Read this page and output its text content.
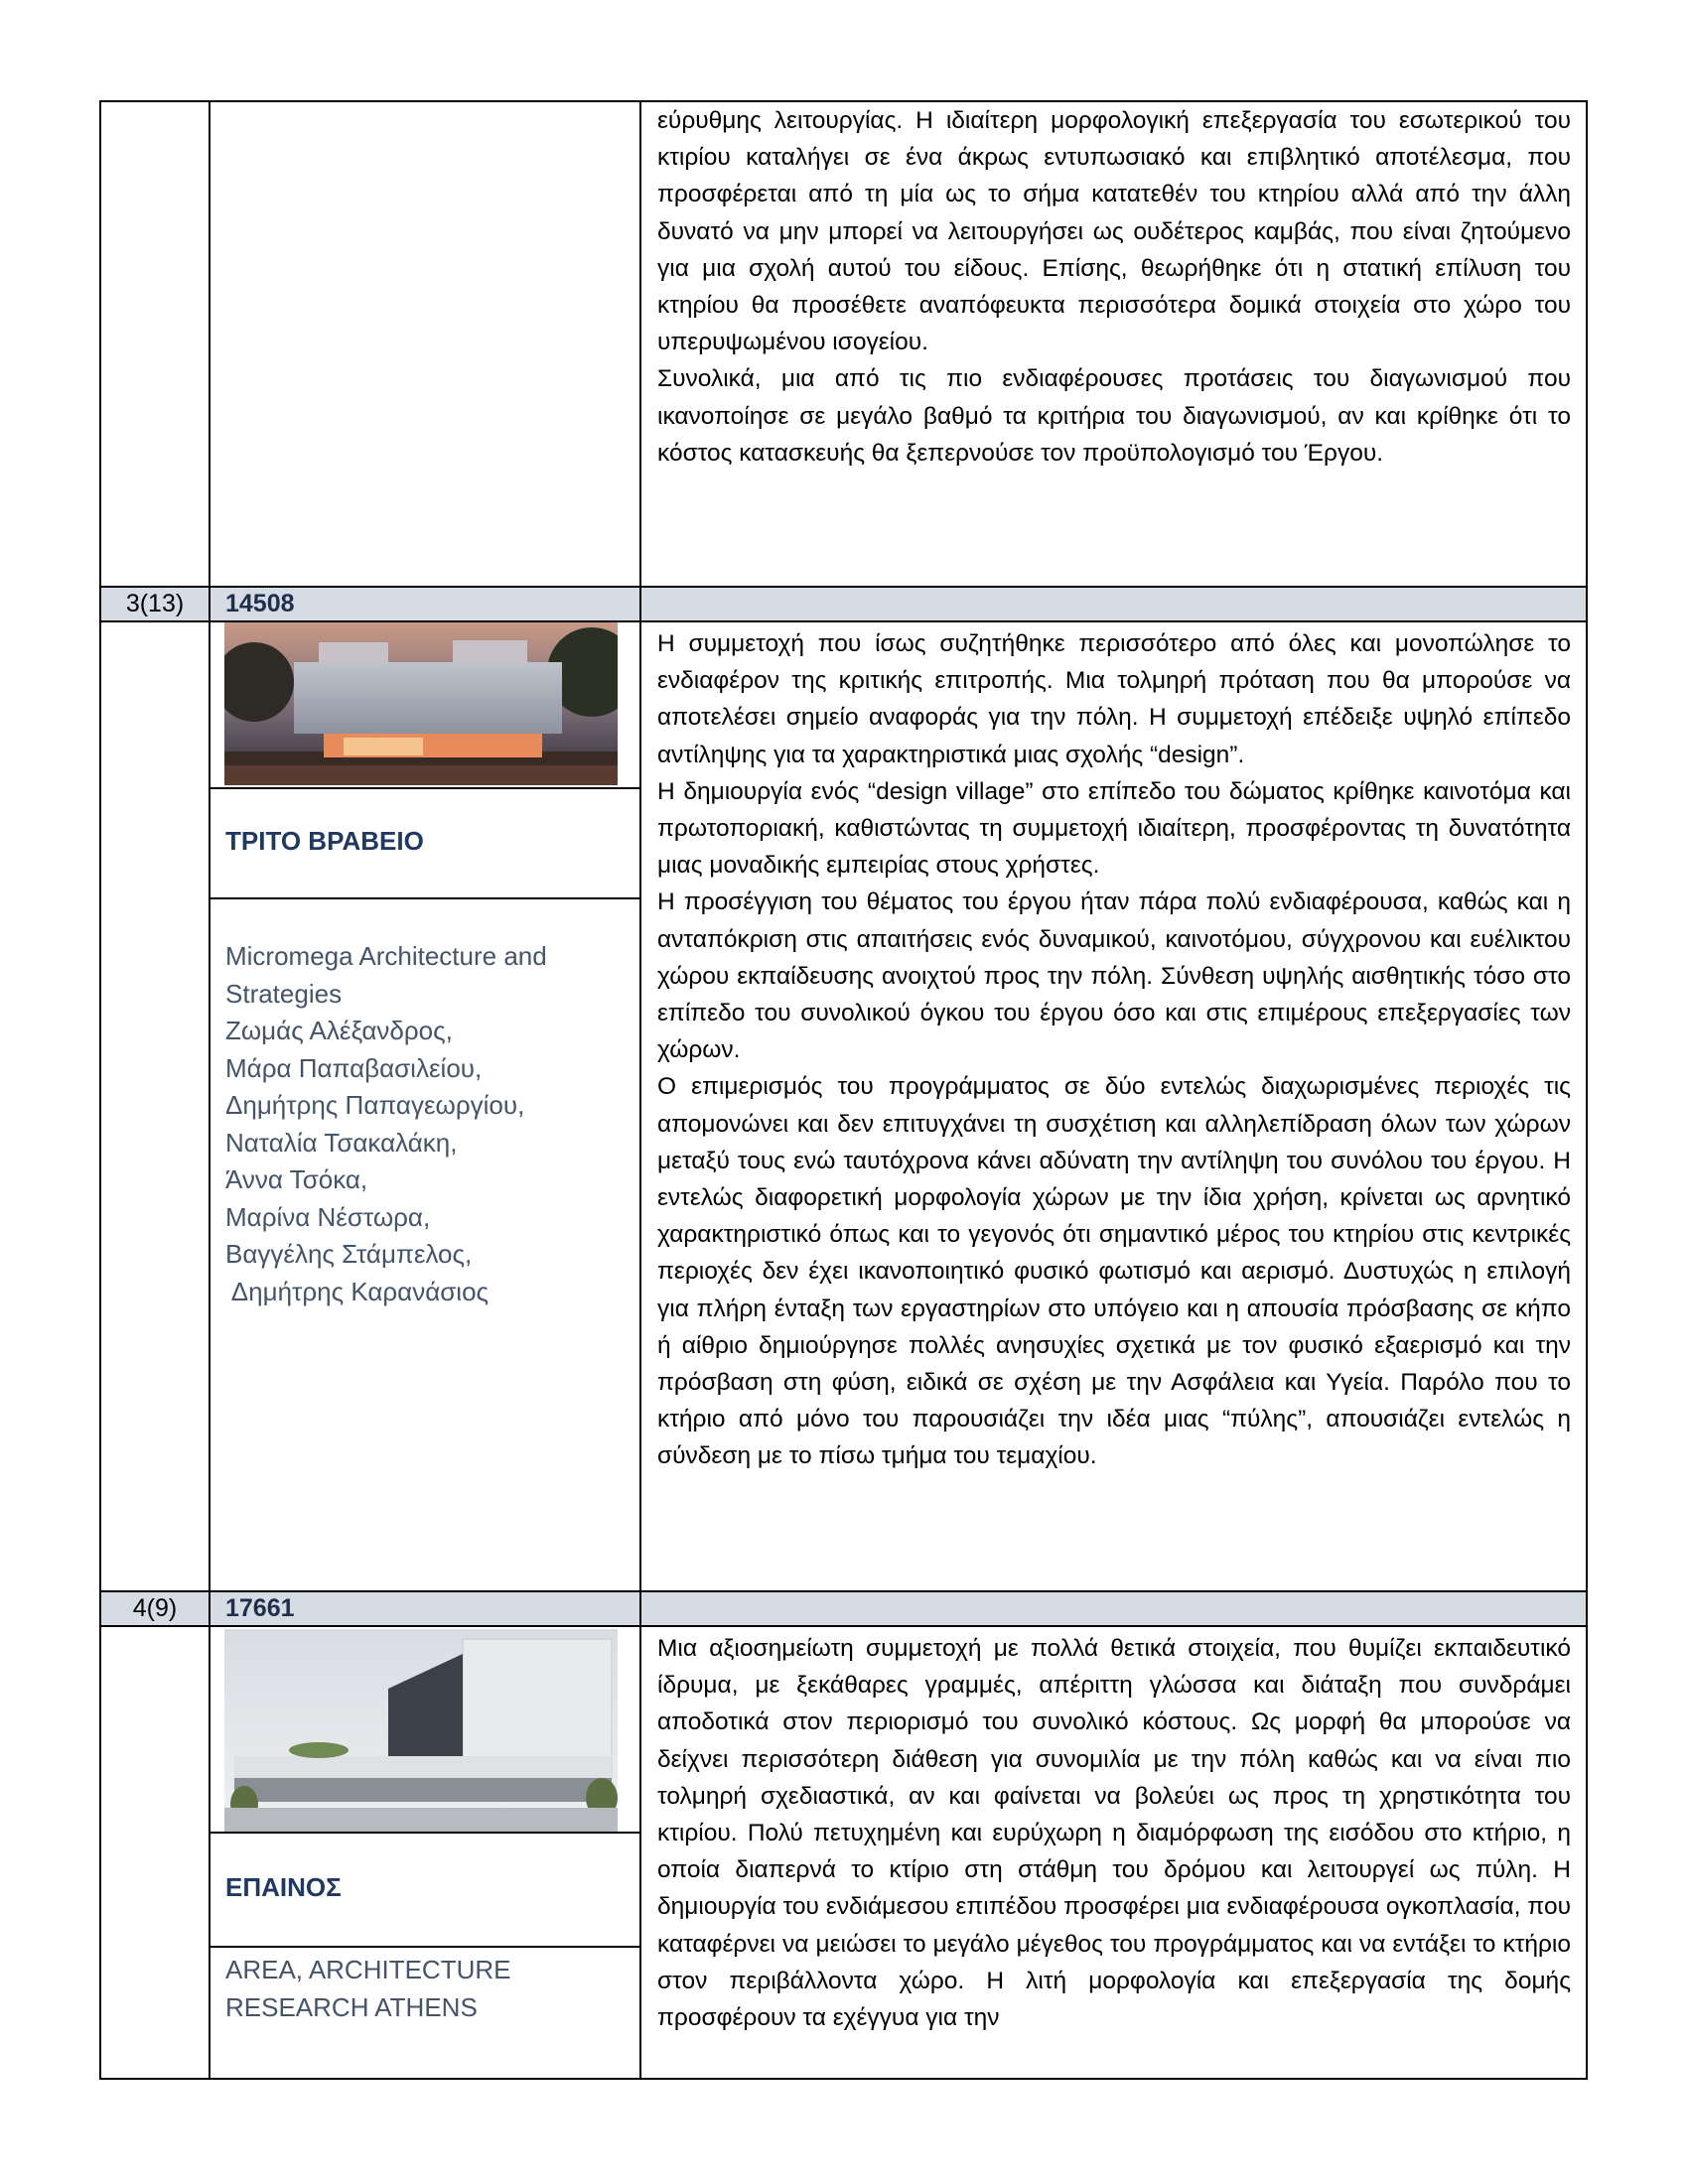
εύρυθμης λειτουργίας. Η ιδιαίτερη μορφολογική επεξεργασία του εσωτερικού του κτιρίου καταλήγει σε ένα άκρως εντυπωσιακό και επιβλητικό αποτέλεσμα, που προσφέρεται από τη μία ως το σήμα κατατεθέν του κτηρίου αλλά από την άλλη δυνατό να μην μπορεί να λειτουργήσει ως ουδέτερος καμβάς, που είναι ζητούμενο για μια σχολή αυτού του είδους. Επίσης, θεωρήθηκε ότι η στατική επίλυση του κτηρίου θα προσέθετε αναπόφευκτα περισσότερα δομικά στοιχεία στο χώρο του υπερυψωμένου ισογείου.

Συνολικά, μια από τις πιο ενδιαφέρουσες προτάσεις του διαγωνισμού που ικανοποίησε σε μεγάλο βαθμό τα κριτήρια του διαγωνισμού, αν και κρίθηκε ότι το κόστος κατασκευής θα ξεπερνούσε τον προϋπολογισμό του Έργου.

3(13)	14508
ΤΡΙΤΟ ΒΡΑΒΕΙΟ
Micromega Architecture and
Strategies
Ζωμάς Αλέξανδρος,
Μάρα Παπαβασιλείου,
Δημήτρης Παπαγεωργίου,
Ναταλία Τσακαλάκη,
Άννα Τσόκα,
Μαρίνα Νέστωρα,
Βαγγέλης Στάμπελος,
Δημήτρης Καρανάσιος

Η συμμετοχή που ίσως συζητήθηκε περισσότερο από όλες και μονοπώλησε το ενδιαφέρον της κριτικής επιτροπής. Μια τολμηρή πρόταση που θα μπορούσε να αποτελέσει σημείο αναφοράς για την πόλη. Η συμμετοχή επέδειξε υψηλό επίπεδο αντίληψης για τα χαρακτηριστικά μιας σχολής “design”.

Η δημιουργία ενός “design village” στο επίπεδο του δώματος κρίθηκε καινοτόμα και πρωτοποριακή, καθιστώντας τη συμμετοχή ιδιαίτερη, προσφέροντας τη δυνατότητα μιας μοναδικής εμπειρίας στους χρήστες.

Η προσέγγιση του θέματος του έργου ήταν πάρα πολύ ενδιαφέρουσα, καθώς και η ανταπόκριση στις απαιτήσεις ενός δυναμικού, καινοτόμου, σύγχρονου και ευέλικτου χώρου εκπαίδευσης ανοιχτού προς την πόλη. Σύνθεση υψηλής αισθητικής τόσο στο επίπεδο του συνολικού όγκου του έργου όσο και στις επιμέρους επεξεργασίες των χώρων.

Ο επιμερισμός του προγράμματος σε δύο εντελώς διαχωρισμένες περιοχές τις απομονώνει και δεν επιτυγχάνει τη συσχέτιση και αλληλεπίδραση όλων των χώρων μεταξύ τους ενώ ταυτόχρονα κάνει αδύνατη την αντίληψη του συνόλου του έργου. Η εντελώς διαφορετική μορφολογία χώρων με την ίδια χρήση, κρίνεται ως αρνητικό χαρακτηριστικό όπως και το γεγονός ότι σημαντικό μέρος του κτηρίου στις κεντρικές περιοχές δεν έχει ικανοποιητικό φυσικό φωτισμό και αερισμό. Δυστυχώς η επιλογή για πλήρη ένταξη των εργαστηρίων στο υπόγειο και η απουσία πρόσβασης σε κήπο ή αίθριο δημιούργησε πολλές ανησυχίες σχετικά με τον φυσικό εξαερισμό και την πρόσβαση στη φύση, ειδικά σε σχέση με την Ασφάλεια και Υγεία. Παρόλο που το κτήριο από μόνο του παρουσιάζει την ιδέα μιας “πύλης”, απουσιάζει εντελώς η σύνδεση με το πίσω τμήμα του τεμαχίου.

4(9)	17661
ΕΠΑΙΝΟΣ
AREA, ARCHITECTURE
RESEARCH ATHENS

Μια αξιοσημείωτη συμμετοχή με πολλά θετικά στοιχεία, που θυμίζει εκπαιδευτικό ίδρυμα, με ξεκάθαρες γραμμές, απέριττη γλώσσα και διάταξη που συνδράμει αποδοτικά στον περιορισμό του συνολικό κόστους. Ως μορφή θα μπορούσε να δείχνει περισσότερη διάθεση για συνομιλία με την πόλη καθώς και να είναι πιο τολμηρή σχεδιαστικά, αν και φαίνεται να βολεύει ως προς τη χρηστικότητα του κτιρίου. Πολύ πετυχημένη και ευρύχωρη η διαμόρφωση της εισόδου στο κτήριο, η οποία διαπερνά το κτίριο στη στάθμη του δρόμου και λειτουργεί ως πύλη. Η δημιουργία του ενδιάμεσου επιπέδου προσφέρει μια ενδιαφέρουσα ογκοπλασία, που καταφέρνει να μειώσει το μεγάλο μέγεθος του προγράμματος και να εντάξει το κτήριο στον περιβάλλοντα χώρο. Η λιτή μορφολογία και επεξεργασία της δομής προσφέρουν τα εχέγγυα για την
